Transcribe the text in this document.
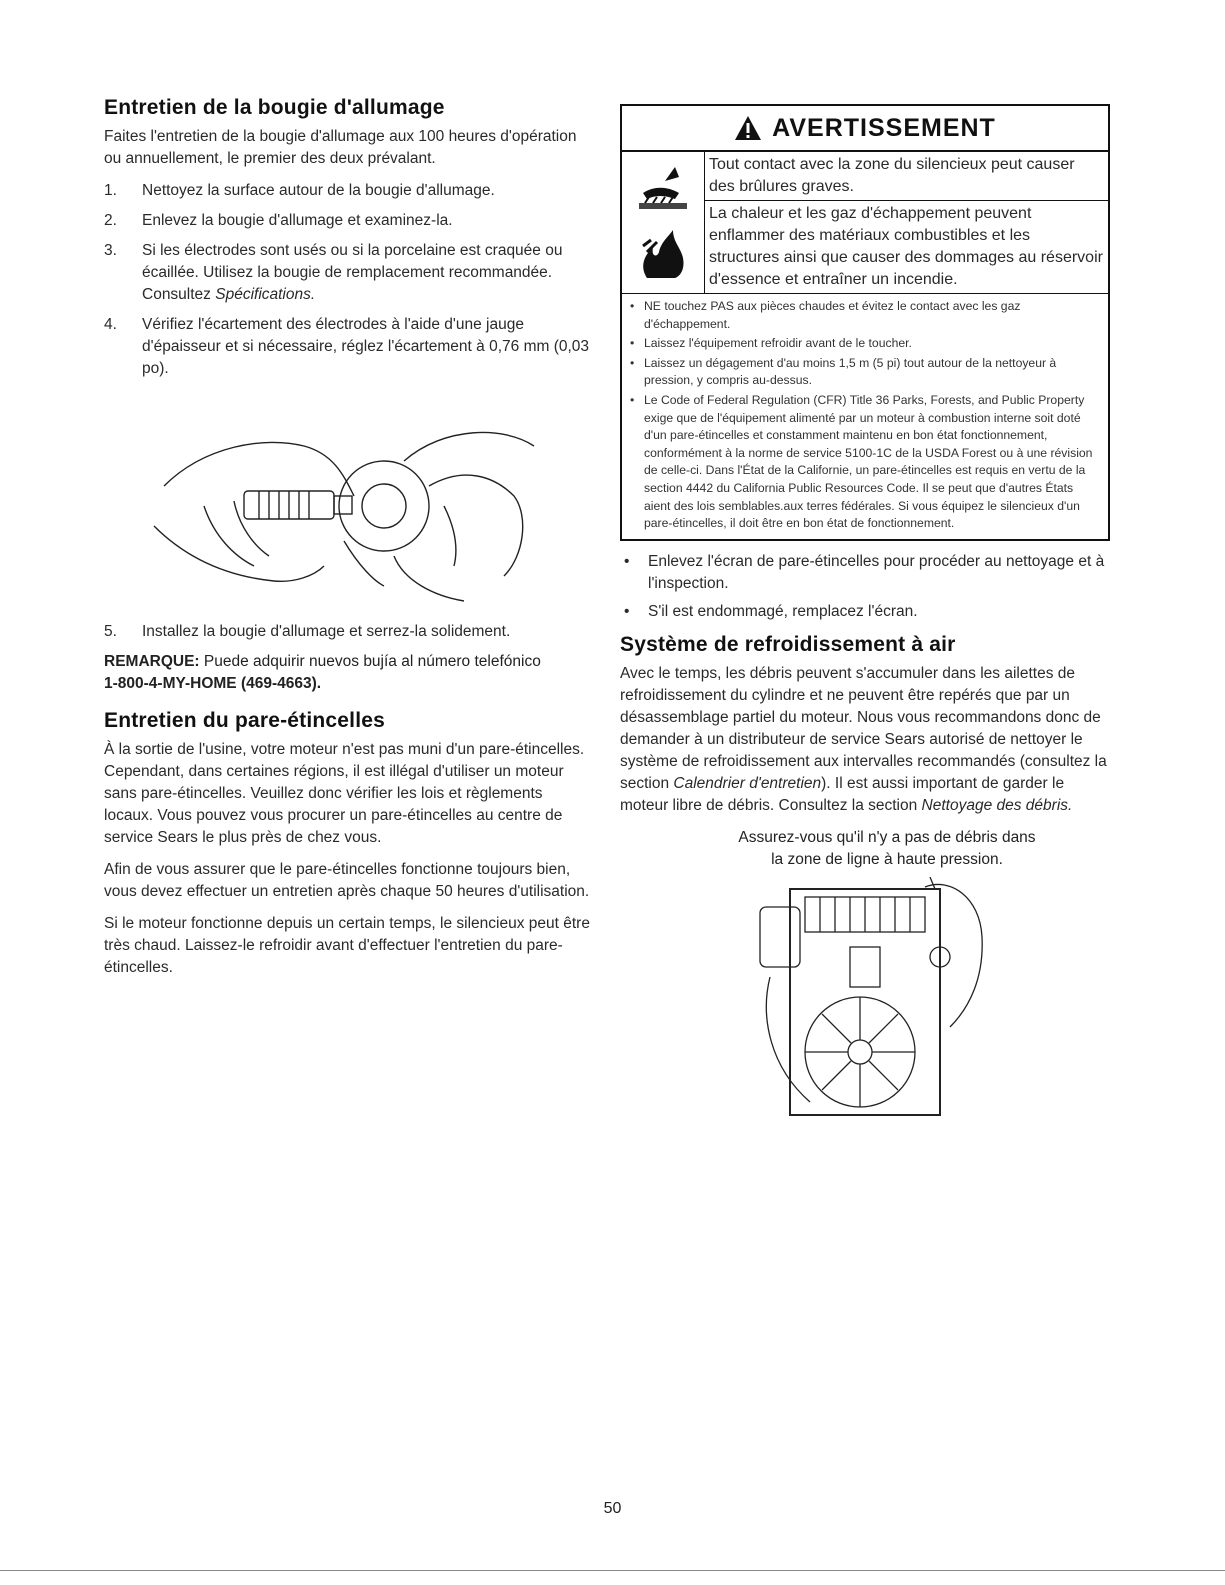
Entretien de la bougie d'allumage

Faites l'entretien de la bougie d'allumage aux 100 heures d'opération ou annuellement, le premier des deux prévalant.

1. Nettoyez la surface autour de la bougie d'allumage.
2. Enlevez la bougie d'allumage et examinez-la.
3. Si les électrodes sont usés ou si la porcelaine est craquée ou écaillée. Utilisez la bougie de remplacement recommandée.
Consultez Spécifications.
4. Vérifiez l'écartement des électrodes à l'aide d'une jauge d'épaisseur et si nécessaire, réglez l'écartement à 0,76 mm (0,03 po).
5. Installez la bougie d'allumage et serrez-la solidement.
REMARQUE: Puede adquirir nuevos bujía al número telefónico
1-800-4-MY-HOME (469-4663).
Entretien du pare-étincelles

À la sortie de l'usine, votre moteur n'est pas muni d'un pare-étincelles. Cependant, dans certaines régions, il est illégal d'utiliser un moteur sans pare-étincelles. Veuillez donc vérifier les lois et règlements locaux. Vous pouvez vous procurer un pare-étincelles au centre de service Sears le plus près de chez vous.

Afin de vous assurer que le pare-étincelles fonctionne toujours bien, vous devez effectuer un entretien après chaque 50 heures d'utilisation.

Si le moteur fonctionne depuis un certain temps, le silencieux peut être très chaud. Laissez-le refroidir avant d'effectuer l'entretien du pare-étincelles.

AVERTISSEMENT

Tout contact avec la zone du silencieux peut causer des brûlures graves.

La chaleur et les gaz d'échappement peuvent enflammer des matériaux combustibles et les structures ainsi que causer des dommages au réservoir d'essence et entraîner un incendie.

• NE touchez PAS aux pièces chaudes et évitez le contact avec les gaz d'échappement.
• Laissez l'équipement refroidir avant de le toucher.
• Laissez un dégagement d'au moins 1,5 m (5 pi) tout autour de la nettoyeur à pression, y compris au-dessus.
• Le Code of Federal Regulation (CFR) Title 36 Parks, Forests, and Public Property exige que de l'équipement alimenté par un moteur à combustion interne soit doté d'un pare-étincelles et constamment maintenu en bon état fonctionnement, conformément à la norme de service 5100-1C de la USDA Forest ou à une révision de celle-ci. Dans l'État de la Californie, un pare-étincelles est requis en vertu de la section 4442 du California Public Resources Code. Il se peut que d'autres États aient des lois semblables.aux terres fédérales. Si vous équipez le silencieux d'un pare-étincelles, il doit être en bon état de fonctionnement.
• Enlevez l'écran de pare-étincelles pour procéder au nettoyage et à l'inspection.
• S'il est endommagé, remplacez l'écran.
Système de refroidissement à air

Avec le temps, les débris peuvent s'accumuler dans les ailettes de refroidissement du cylindre et ne peuvent être repérés que par un désassemblage partiel du moteur. Nous vous recommandons donc de demander à un distributeur de service Sears autorisé de nettoyer le système de refroidissement aux intervalles recommandés (consultez la section Calendrier d'entretien). Il est aussi important de garder le moteur libre de débris. Consultez la section Nettoyage des débris.

Assurez-vous qu'il n'y a pas de débris dans
la zone de ligne à haute pression.
50
